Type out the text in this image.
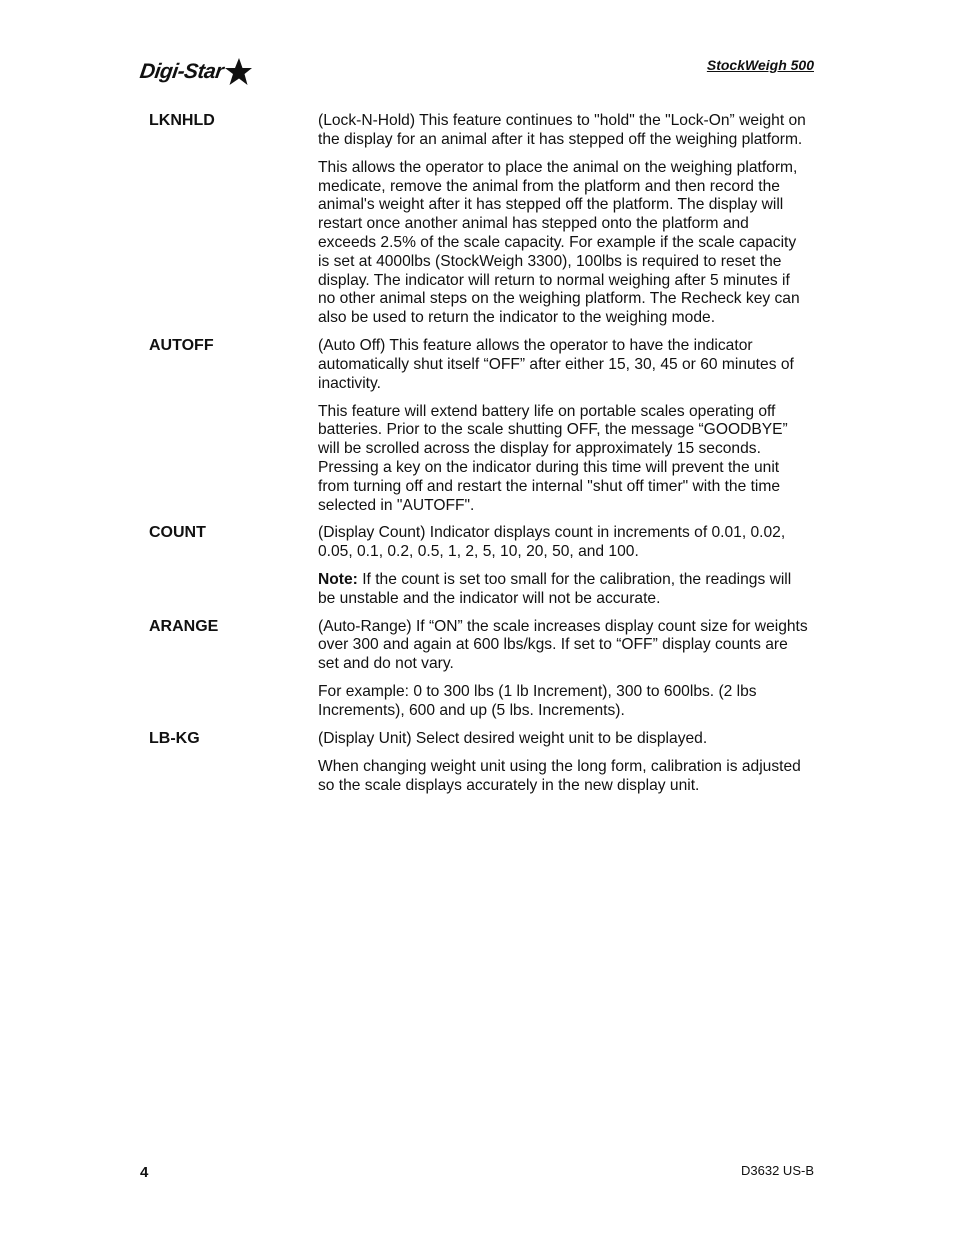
Digi-Star	StockWeigh 500
LKNHLD	(Lock-N-Hold) This feature continues to "hold" the "Lock-On” weight on the display for an animal after it has stepped off the weighing platform.

This allows the operator to place the animal on the weighing platform, medicate, remove the animal from the platform and then record the animal's weight after it has stepped off the platform. The display will restart once another animal has stepped onto the platform and exceeds 2.5% of the scale capacity. For example if the scale capacity is set at 4000lbs (StockWeigh 3300), 100lbs is required to reset the display. The indicator will return to normal weighing after 5 minutes if no other animal steps on the weighing platform. The Recheck key can also be used to return the indicator to the weighing mode.

AUTOFF	(Auto Off) This feature allows the operator to have the indicator automatically shut itself “OFF” after either 15, 30, 45 or 60 minutes of inactivity.

This feature will extend battery life on portable scales operating off batteries. Prior to the scale shutting OFF, the message “GOODBYE” will be scrolled across the display for approximately 15 seconds. Pressing a key on the indicator during this time will prevent the unit from turning off and restart the internal "shut off timer" with the time selected in "AUTOFF".

COUNT	(Display Count) Indicator displays count in increments of 0.01, 0.02, 0.05, 0.1, 0.2, 0.5, 1, 2, 5, 10, 20, 50, and 100.

Note: If the count is set too small for the calibration, the readings will be unstable and the indicator will not be accurate.

ARANGE	(Auto-Range) If “ON” the scale increases display count size for weights over 300 and again at 600 lbs/kgs. If set to “OFF” display counts are set and do not vary.

For example: 0 to 300 lbs (1 lb Increment), 300 to 600lbs. (2 lbs Increments), 600 and up (5 lbs. Increments).

LB-KG	(Display Unit) Select desired weight unit to be displayed.

When changing weight unit using the long form, calibration is adjusted so the scale displays accurately in the new display unit.

4	D3632 US-B
